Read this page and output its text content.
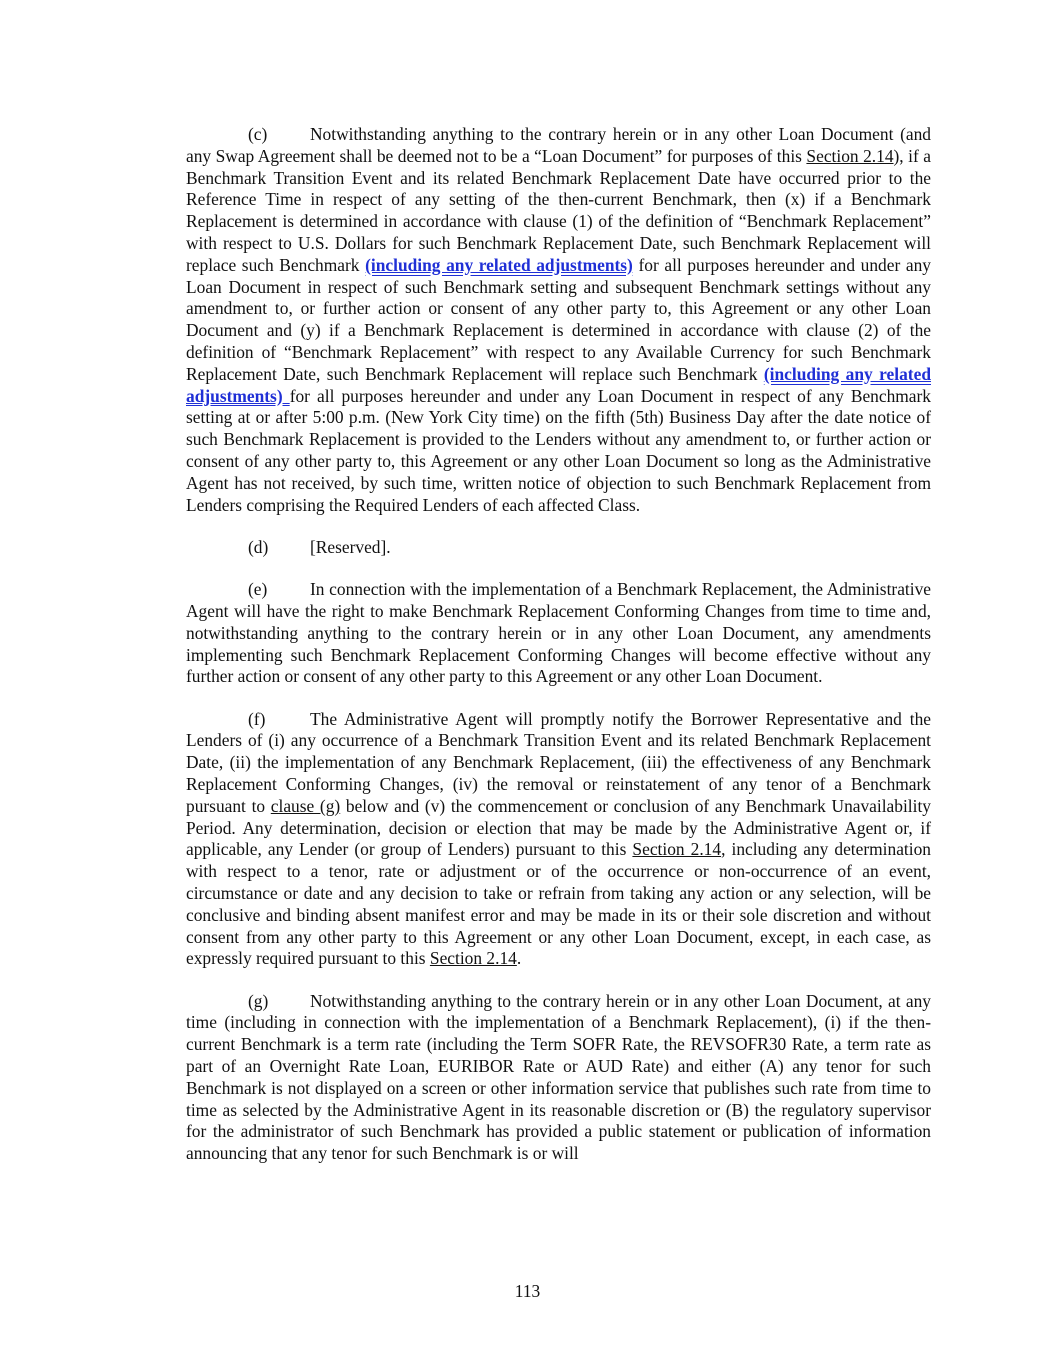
(c) Notwithstanding anything to the contrary herein or in any other Loan Document (and any Swap Agreement shall be deemed not to be a “Loan Document” for purposes of this Section 2.14), if a Benchmark Transition Event and its related Benchmark Replacement Date have occurred prior to the Reference Time in respect of any setting of the then-current Benchmark, then (x) if a Benchmark Replacement is determined in accordance with clause (1) of the definition of “Benchmark Replacement” with respect to U.S. Dollars for such Benchmark Replacement Date, such Benchmark Replacement will replace such Benchmark (including any related adjustments) for all purposes hereunder and under any Loan Document in respect of such Benchmark setting and subsequent Benchmark settings without any amendment to, or further action or consent of any other party to, this Agreement or any other Loan Document and (y) if a Benchmark Replacement is determined in accordance with clause (2) of the definition of “Benchmark Replacement” with respect to any Available Currency for such Benchmark Replacement Date, such Benchmark Replacement will replace such Benchmark (including any related adjustments) for all purposes hereunder and under any Loan Document in respect of any Benchmark setting at or after 5:00 p.m. (New York City time) on the fifth (5th) Business Day after the date notice of such Benchmark Replacement is provided to the Lenders without any amendment to, or further action or consent of any other party to, this Agreement or any other Loan Document so long as the Administrative Agent has not received, by such time, written notice of objection to such Benchmark Replacement from Lenders comprising the Required Lenders of each affected Class.

(d) [Reserved].

(e) In connection with the implementation of a Benchmark Replacement, the Administrative Agent will have the right to make Benchmark Replacement Conforming Changes from time to time and, notwithstanding anything to the contrary herein or in any other Loan Document, any amendments implementing such Benchmark Replacement Conforming Changes will become effective without any further action or consent of any other party to this Agreement or any other Loan Document.

(f)	The Administrative Agent will promptly notify the Borrower Representative and the Lenders of (i) any occurrence of a Benchmark Transition Event and its related Benchmark Replacement Date, (ii) the implementation of any Benchmark Replacement, (iii) the effectiveness of any Benchmark Replacement Conforming Changes, (iv) the removal or reinstatement of any tenor of a Benchmark pursuant to clause (g) below and (v) the commencement or conclusion of any Benchmark Unavailability Period. Any determination, decision or election that may be made by the Administrative Agent or, if applicable, any Lender (or group of Lenders) pursuant to this Section 2.14, including any determination with respect to a tenor, rate or adjustment or of the occurrence or non-occurrence of an event, circumstance or date and any decision to take or refrain from taking any action or any selection, will be conclusive and binding absent manifest error and may be made in its or their sole discretion and without consent from any other party to this Agreement or any other Loan Document, except, in each case, as expressly required pursuant to this Section 2.14.

(g) Notwithstanding anything to the contrary herein or in any other Loan Document, at any time (including in connection with the implementation of a Benchmark Replacement), (i) if the then-current Benchmark is a term rate (including the Term SOFR Rate, the REVSOFR30 Rate, a term rate as part of an Overnight Rate Loan, EURIBOR Rate or AUD Rate) and either (A) any tenor for such Benchmark is not displayed on a screen or other information service that publishes such rate from time to time as selected by the Administrative Agent in its reasonable discretion or (B) the regulatory supervisor for the administrator of such Benchmark has provided a public statement or publication of information announcing that any tenor for such Benchmark is or will

113
